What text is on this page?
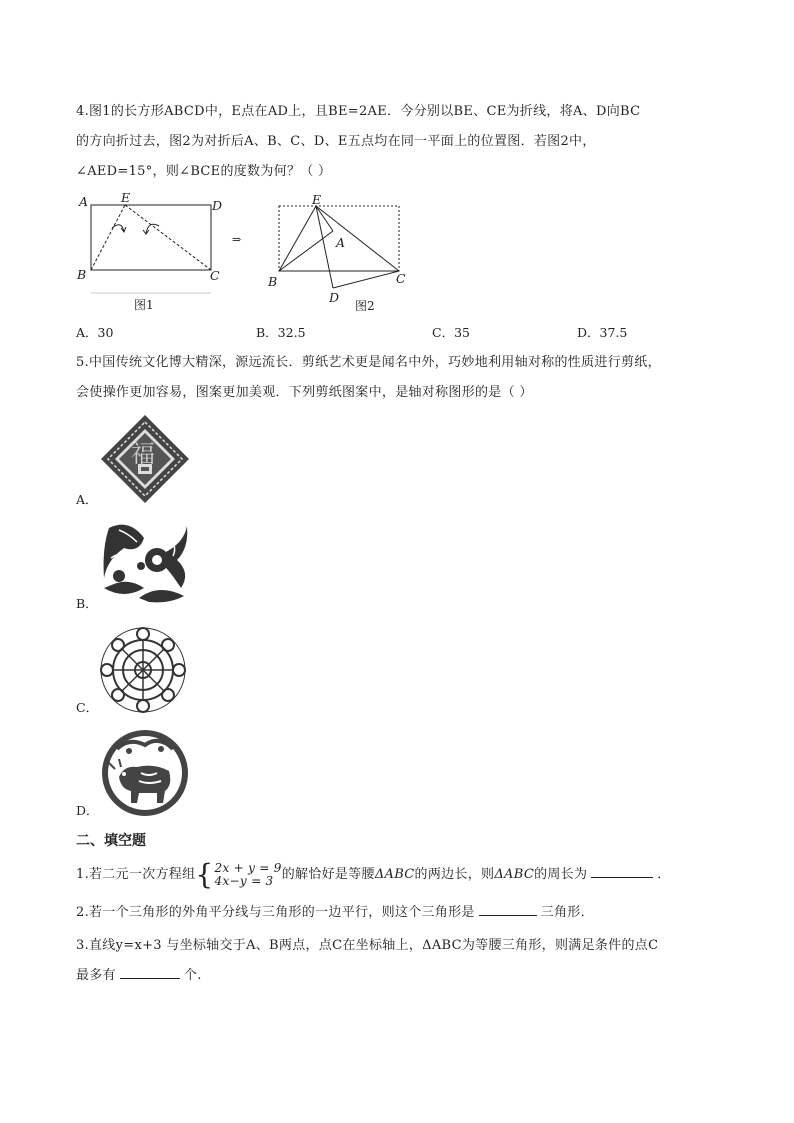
4.图1的长方形ABCD中，E点在AD上，且BE=2AE．今分别以BE、CE为折线，将A、D向BC
的方向折过去，图2为对折后A、B、C、D、E五点均在同一平面上的位置图．若图2中，
∠AED=15°，则∠BCE的度数为何？（ ）
A	E
D
B	C
图1
⇒
E
A
B	C
D
图2
A．30	B．32.5	C．35	D．37.5
5.中国传统文化博大精深，源远流长．剪纸艺术更是闻名中外，巧妙地利用轴对称的性质进行剪纸，
会使操作更加容易，图案更加美观．下列剪纸图案中，是轴对称图形的是（ ）
福
A．
B．
C．
D．
二、填空题
1.若二元一次方程组 { 2x + y = 9
4x−y = 3 的解恰好是等腰ΔABC的两边长，则ΔABC的周长为	．
2.若一个三角形的外角平分线与三角形的一边平行，则这个三角形是	三角形．
3.直线y=x+3 与坐标轴交于A、B两点，点C在坐标轴上，ΔABC为等腰三角形，则满足条件的点C
最多有	个.
